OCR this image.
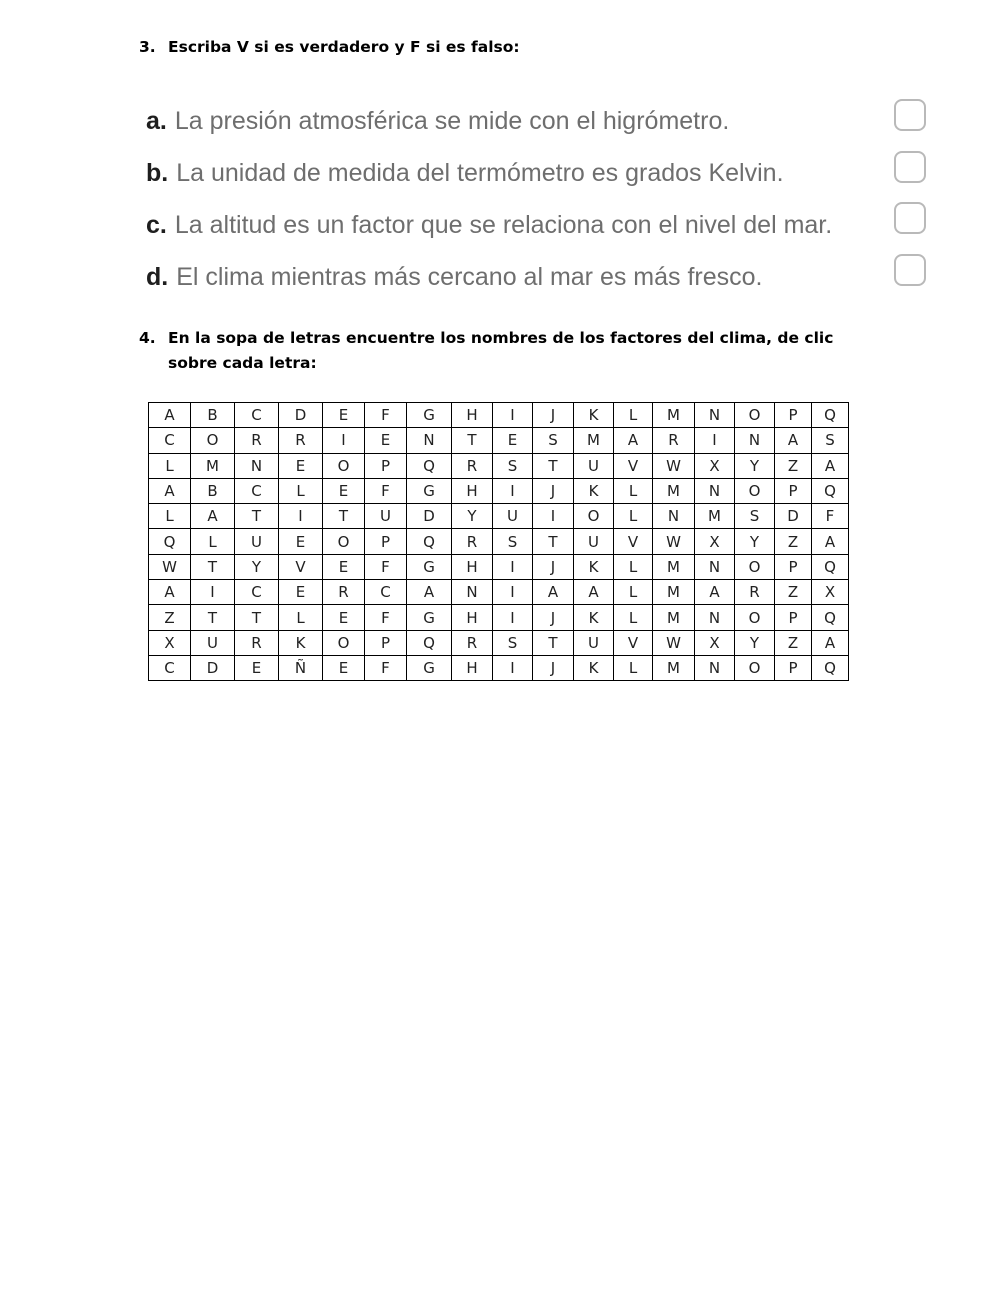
3. Escriba V si es verdadero y F si es falso:
a. La presión atmosférica se mide con el higrómetro.
b. La unidad de medida del termómetro es grados Kelvin.
c. La altitud es un factor que se relaciona con el nivel del mar.
d. El clima mientras más cercano al mar es más fresco.
4. En la sopa de letras encuentre los nombres de los factores del clima, de clic sobre cada letra:
A	B	C	D	E	F	G	H	I	J	K	L	M	N	O	P	Q
C	O	R	R	I	E	N	T	E	S	M	A	R	I	N	A	S
L	M	N	E	O	P	Q	R	S	T	U	V	W	X	Y	Z	A
A	B	C	L	E	F	G	H	I	J	K	L	M	N	O	P	Q
L	A	T	I	T	U	D	Y	U	I	O	L	N	M	S	D	F
Q	L	U	E	O	P	Q	R	S	T	U	V	W	X	Y	Z	A
W	T	Y	V	E	F	G	H	I	J	K	L	M	N	O	P	Q
A	I	C	E	R	C	A	N	I	A	A	L	M	A	R	Z	X
Z	T	T	L	E	F	G	H	I	J	K	L	M	N	O	P	Q
X	U	R	K	O	P	Q	R	S	T	U	V	W	X	Y	Z	A
C	D	E	Ñ	E	F	G	H	I	J	K	L	M	N	O	P	Q
